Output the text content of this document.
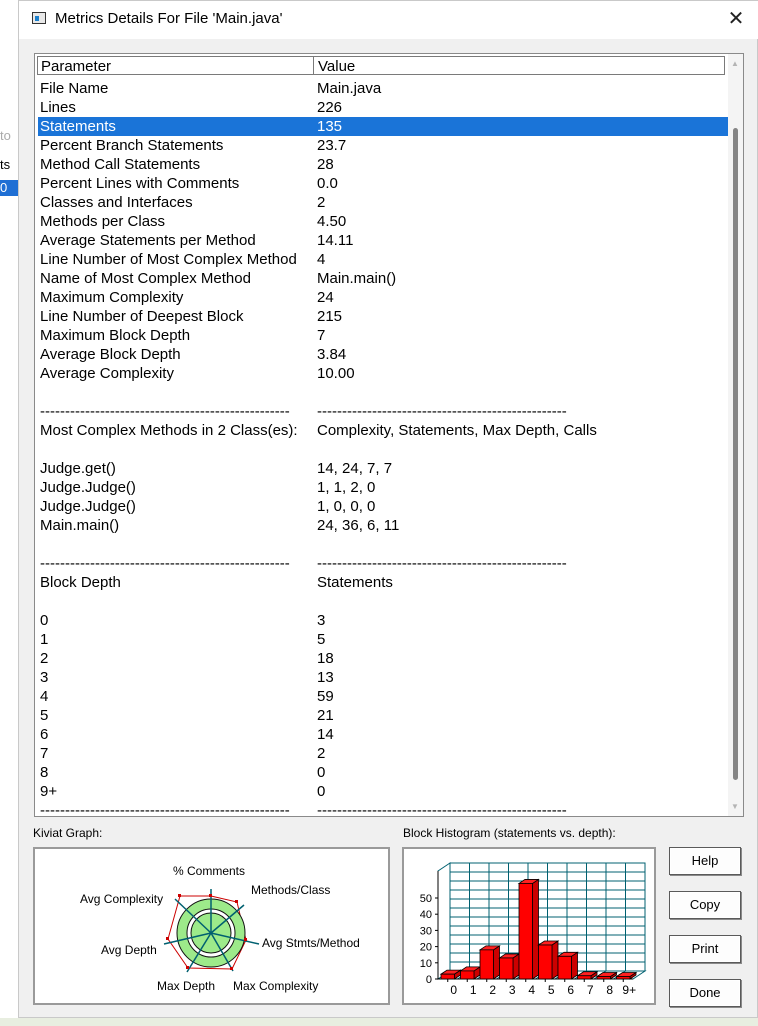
to
ts
0
Metrics Details For File 'Main.java'	✕
Parameter	Value
File Name	Main.java
Lines	226
Statements	135
Percent Branch Statements	23.7
Method Call Statements	28
Percent Lines with Comments	0.0
Classes and Interfaces	2
Methods per Class	4.50
Average Statements per Method	14.11
Line Number of Most Complex Method 4
Name of Most Complex Method	Main.main()
Maximum Complexity	24
Line Number of Deepest Block	215
Maximum Block Depth	7
Average Block Depth	3.84
Average Complexity	10.00
-------------------------------------------------- --------------------------------------------------
Most Complex Methods in 2 Class(es): Complexity, Statements, Max Depth, Calls
Judge.get()	14, 24, 7, 7
Judge.Judge()	1, 1, 2, 0
Judge.Judge()	1, 0, 0, 0
Main.main()	24, 36, 6, 11
-------------------------------------------------- --------------------------------------------------
Block Depth	Statements
0	3
1	5
2	18
3	13
4	59
5	21
6	14
7	2
8	0
9+	0
-------------------------------------------------- --------------------------------------------------
▲
▼
Kiviat Graph:	Block Histogram (statements vs. depth):
% Comments
Methods/Class
Avg Stmts/Method
Max Complexity
Max Depth
Avg Depth
Avg Complexity
0
10
20
30
40
50
0 1 2 3 4 5 6 7 8 9+
Help
Copy
Print
Done
